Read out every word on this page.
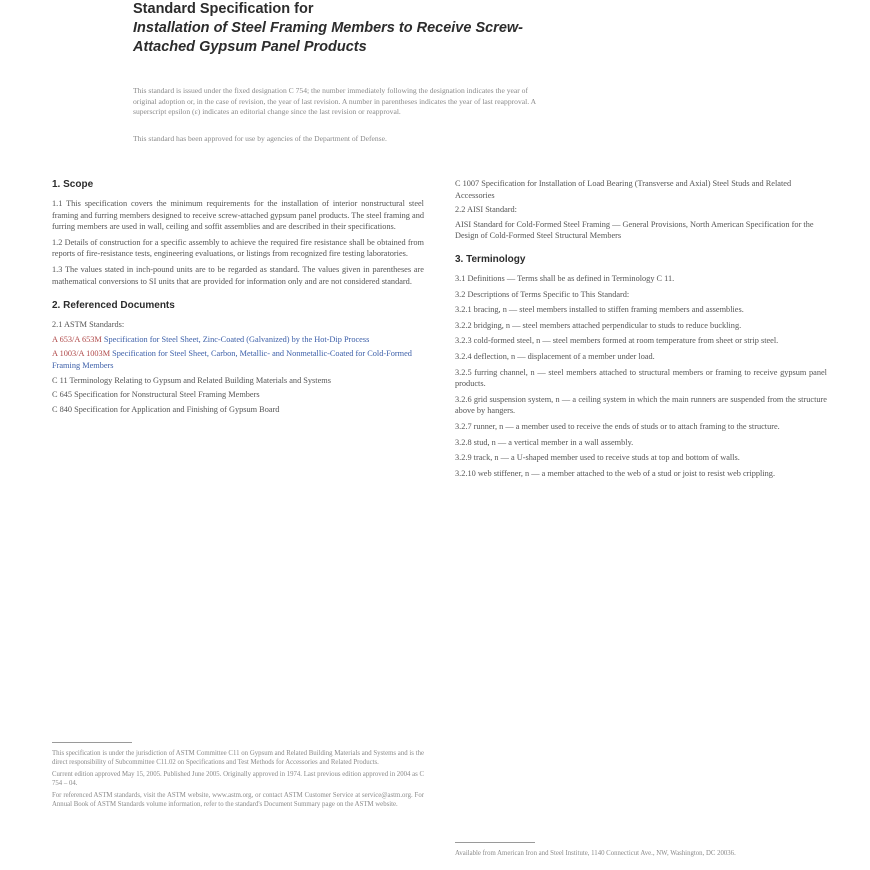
Standard Specification for
Installation of Steel Framing Members to Receive Screw-
Attached Gypsum Panel Products
This standard is issued under the fixed designation C 754; the number immediately following the designation indicates the year of
original adoption or, in the case of revision, the year of last revision. A number in parentheses indicates the year of last reapproval. A
superscript epsilon (ε) indicates an editorial change since the last revision or reapproval.
This standard has been approved for use by agencies of the Department of Defense.
1. Scope

1.1 This specification covers the minimum requirements for the installation of interior nonstructural steel framing and furring members designed to receive screw-attached gypsum panel products. The steel framing and furring members are used in wall, ceiling and soffit assemblies and are described in their specifications.

1.2 Details of construction for a specific assembly to achieve the required fire resistance shall be obtained from reports of fire-resistance tests, engineering evaluations, or listings from recognized fire testing laboratories.

1.3 The values stated in inch-pound units are to be regarded as standard. The values given in parentheses are mathematical conversions to SI units that are provided for information only and are not considered standard.

2. Referenced Documents
2.1 ASTM Standards:
A 653/A 653M Specification for Steel Sheet, Zinc-Coated (Galvanized) by the Hot-Dip Process
A 1003/A 1003M Specification for Steel Sheet, Carbon, Metallic- and Nonmetallic-Coated for Cold-Formed Framing Members
C 11 Terminology Relating to Gypsum and Related Building Materials and Systems
C 645 Specification for Nonstructural Steel Framing Members
C 840 Specification for Application and Finishing of Gypsum Board

This specification is under the jurisdiction of ASTM Committee C11 on Gypsum and Related Building Materials and Systems and is the direct responsibility of Subcommittee C11.02 on Specifications and Test Methods for Accessories and Related Products.

Current edition approved May 15, 2005. Published June 2005. Originally approved in 1974. Last previous edition approved in 2004 as C 754 – 04.

For referenced ASTM standards, visit the ASTM website, www.astm.org, or contact ASTM Customer Service at service@astm.org. For Annual Book of ASTM Standards volume information, refer to the standard's Document Summary page on the ASTM website.

C 1007 Specification for Installation of Load Bearing (Transverse and Axial) Steel Studs and Related Accessories
2.2 AISI Standard:
AISI Standard for Cold-Formed Steel Framing — General Provisions, North American Specification for the Design of Cold-Formed Steel Structural Members
3. Terminology

3.1 Definitions — Terms shall be as defined in Terminology C 11.

3.2 Descriptions of Terms Specific to This Standard:

3.2.1 bracing, n — steel members installed to stiffen framing members and assemblies.

3.2.2 bridging, n — steel members attached perpendicular to studs to reduce buckling.

3.2.3 cold-formed steel, n — steel members formed at room temperature from sheet or strip steel.

3.2.4 deflection, n — displacement of a member under load.

3.2.5 furring channel, n — steel members attached to structural members or framing to receive gypsum panel products.

3.2.6 grid suspension system, n — a ceiling system in which the main runners are suspended from the structure above by hangers.

3.2.7 runner, n — a member used to receive the ends of studs or to attach framing to the structure.

3.2.8 stud, n — a vertical member in a wall assembly.

3.2.9 track, n — a U-shaped member used to receive studs at top and bottom of walls.

3.2.10 web stiffener, n — a member attached to the web of a stud or joist to resist web crippling.

Available from American Iron and Steel Institute, 1140 Connecticut Ave., NW, Washington, DC 20036.
